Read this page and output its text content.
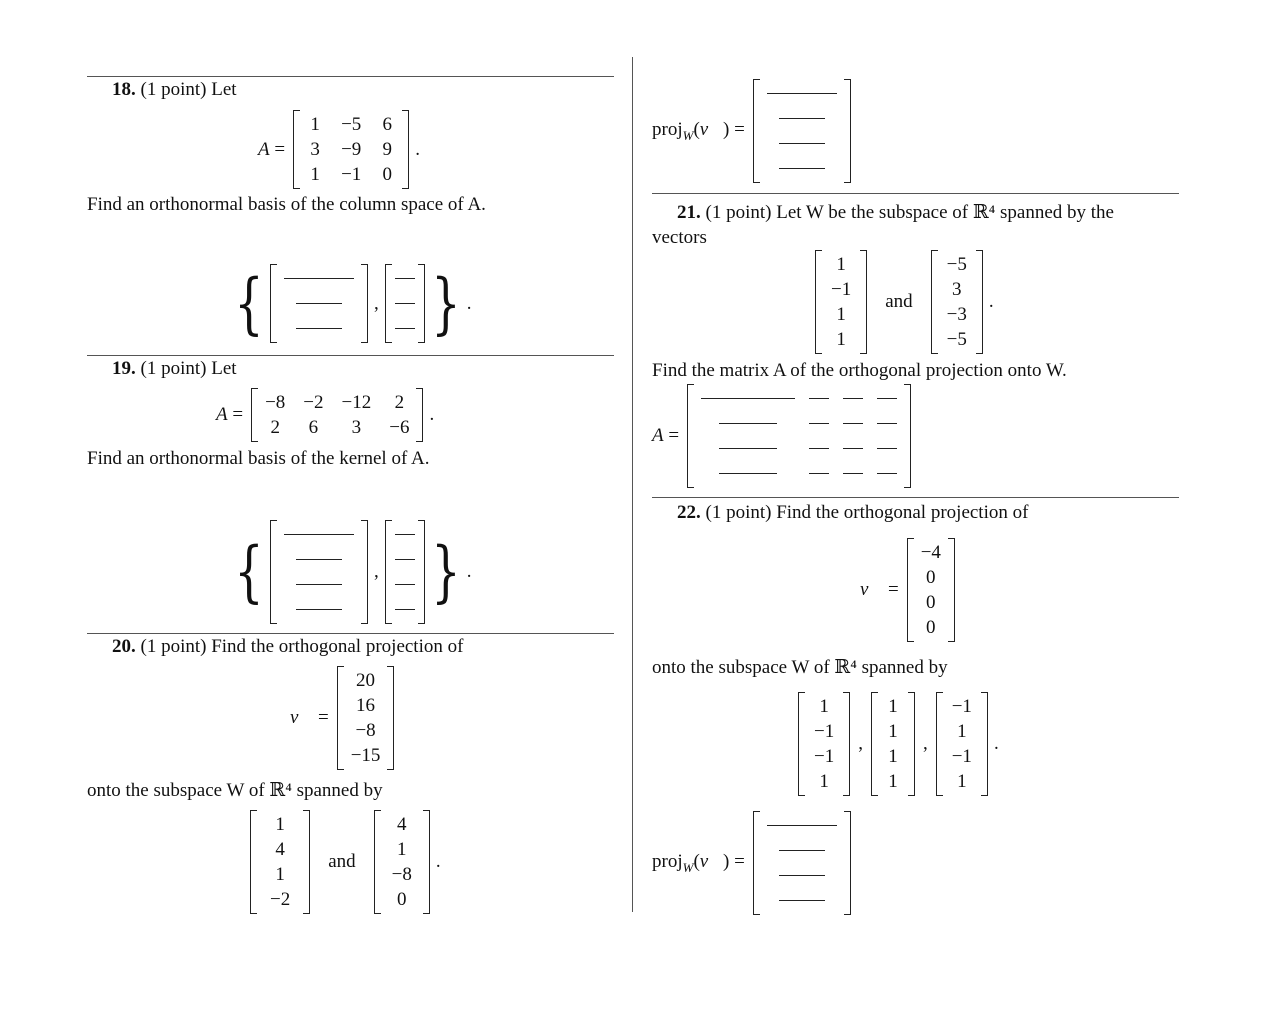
18. (1 point) Let
A =
1 −5 6
3 −9 9
1 −1 0
.
Find an orthonormal basis of the column space of A.
{	, } .
19. (1 point) Let
A =
−8 −2 −12 2
2 6	3	−6
.
Find an orthonormal basis of the kernel of A.
{	, } .
20. (1 point) Find the orthogonal projection of
v⃗ =
20
16
−8
−15
onto the subspace W of ℝ⁴ spanned by
1
4
1
−2
and
4
1
−8
0
.
proj$_W$(v⃗) =
21. (1 point) Let W be the subspace of ℝ⁴ spanned by the
vectors
1
−1
1
1
and
−5
3
−3
−5
.
Find the matrix A of the orthogonal projection onto W.
A =
22. (1 point) Find the orthogonal projection of
v⃗ =
−4
0
0
0
onto the subspace W of ℝ⁴ spanned by
1
−1
−1
1
,
1
1
1
1
,
−1
1
−1
1
.
proj$_W$(v⃗) =
